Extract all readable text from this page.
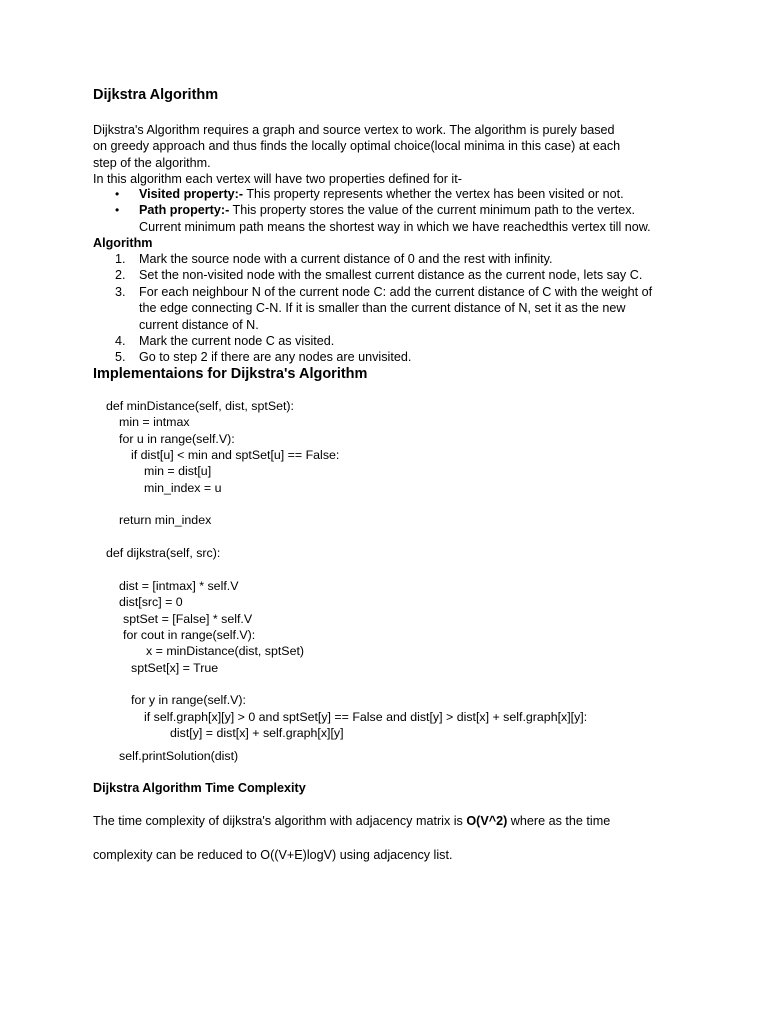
Dijkstra Algorithm
Dijkstra's Algorithm requires a graph and source vertex to work. The algorithm is purely based
on greedy approach and thus finds the locally optimal choice(local minima in this case) at each
step of the algorithm.
In this algorithm each vertex will have two properties defined for it-
• Visited property:- This property represents whether the vertex has been visited or not.
• Path property:- This property stores the value of the current minimum path to the vertex.
Current minimum path means the shortest way in which we have reachedthis vertex till now.
Algorithm
1. Mark the source node with a current distance of 0 and the rest with infinity.
2. Set the non-visited node with the smallest current distance as the current node, lets say C.
3. For each neighbour N of the current node C: add the current distance of C with the weight of
the edge connecting C-N. If it is smaller than the current distance of N, set it as the new
current distance of N.
4. Mark the current node C as visited.
5. Go to step 2 if there are any nodes are unvisited.
Implementaions for Dijkstra's Algorithm
def minDistance(self, dist, sptSet):
min = intmax
for u in range(self.V):
if dist[u] < min and sptSet[u] == False:
min = dist[u]
min_index = u
return min_index
def dijkstra(self, src):
dist = [intmax] * self.V
dist[src] = 0
sptSet = [False] * self.V
for cout in range(self.V):
x = minDistance(dist, sptSet)
sptSet[x] = True
for y in range(self.V):
if self.graph[x][y] > 0 and sptSet[y] == False and dist[y] > dist[x] + self.graph[x][y]:
dist[y] = dist[x] + self.graph[x][y]
self.printSolution(dist)
Dijkstra Algorithm Time Complexity
The time complexity of dijkstra's algorithm with adjacency matrix is O(V^2) where as the time
complexity can be reduced to O((V+E)logV) using adjacency list.
